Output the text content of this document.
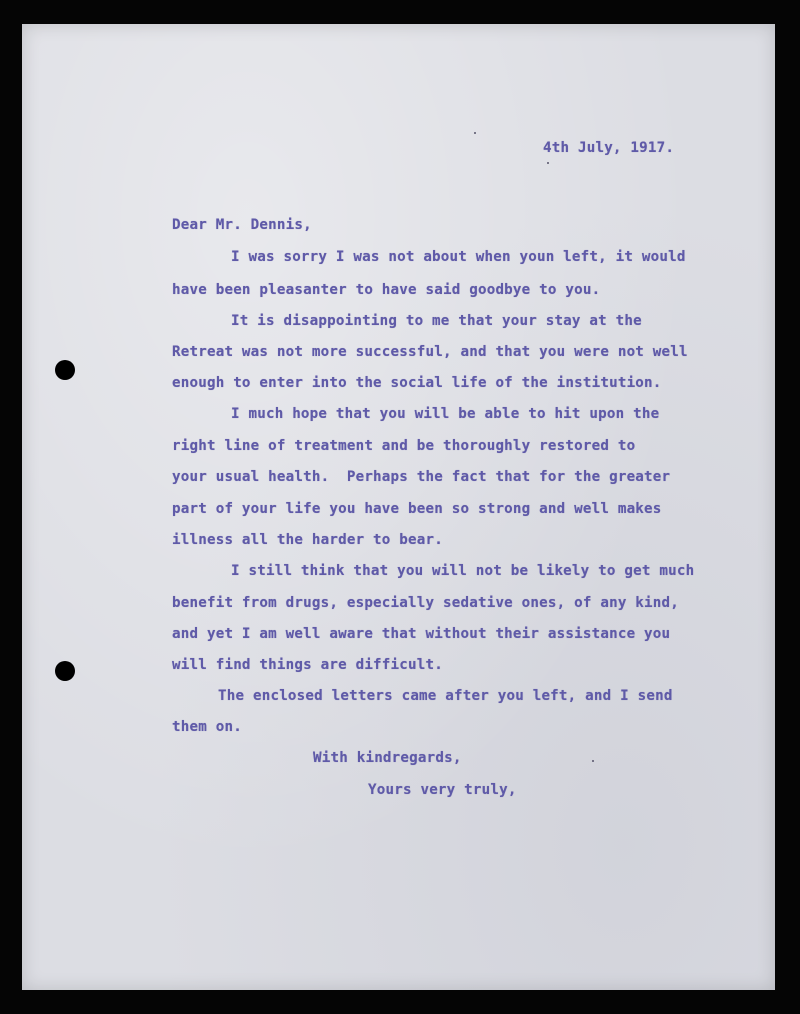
4th July, 1917.

Dear Mr. Dennis,

I was sorry I was not about when youn left, it would

have been pleasanter to have said goodbye to you.

It is disappointing to me that your stay at the

Retreat was not more successful, and that you were not well

enough to enter into the social life of the institution.

I much hope that you will be able to hit upon the

right line of treatment and be thoroughly restored to

your usual health.  Perhaps the fact that for the greater

part of your life you have been so strong and well makes

illness all the harder to bear.

I still think that you will not be likely to get much

benefit from drugs, especially sedative ones, of any kind,

and yet I am well aware that without their assistance you

will find things are difficult.

The enclosed letters came after you left, and I send

them on.

With kindregards,

Yours very truly,
